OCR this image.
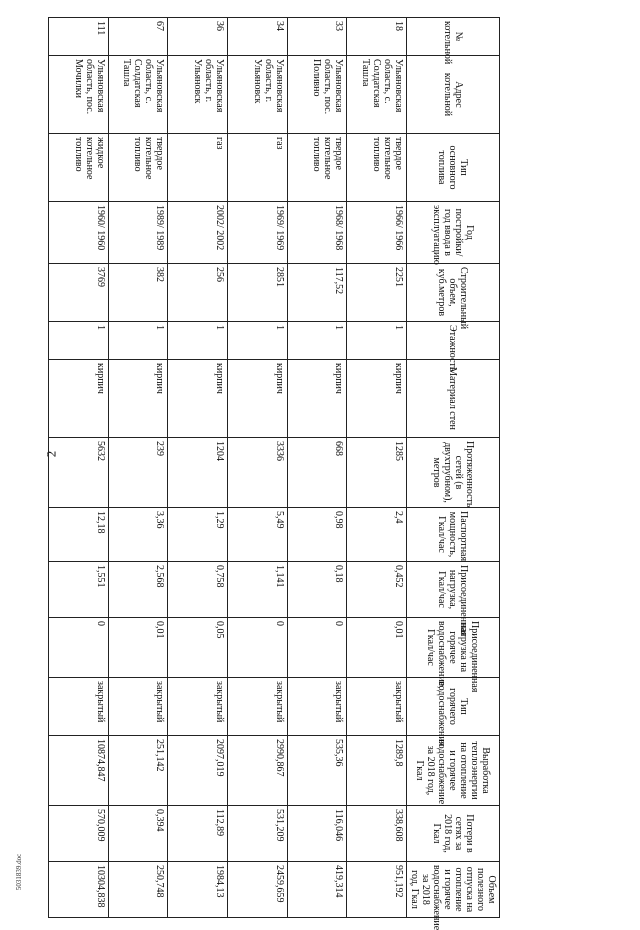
2
5031839.doc
№ котельной	Адрес котельной	Тип основного топлива	Год постройки/год ввода в эксплуатацию	Строительный объем, куб.метров	Этажность	Материал стен	Протяженность сетей (в двухтрубном), метров	Паспортная мощность, Гкал/час	Присоединенная нагрузка, Гкал/час	Присоединенная нагрузка на горячее водоснабжение, Гкал/час	Тип горячего водоснабжения	Выработка теплоэнергии на отопление и горячее водоснабжение за 2018 год, Гкал	Потери в сетях за 2018 год, Гкал	Объем полезного отпуска на отопление и горячее водоснабжение за 2018 год, Гкал
18	Ульяновская область, с. Солдатская Ташла	твердое котельное топливо	1966/ 1966	2251	1	кирпич	1285	2,4	0,452	0,01	закрытый	1289,8	338,608	951,192
33	Ульяновская область, пос. Поливно	твердое котельное топливо	1968/ 1968	117,52	1	кирпич	668	0,98	0,18	0	закрытый	535,36	116,046	419,314
34	Ульяновская область, г. Ульяновск	газ	1969/ 1969	2851	1	кирпич	3336	5,49	1,141	0	закрытый	2990,867	531,209	2459,659
36	Ульяновская область, г. Ульяновск	газ	2002/ 2002	256	1	кирпич	1204	1,29	0,758	0,05	закрытый	2097,019	112,89	1984,13
67	Ульяновская область, с. Солдатская Ташла	твердое котельное топливо	1989/ 1989	382	1	кирпич	239	3,36	2,568	0,01	закрытый	251,142	0,394	250,748
111	Ульяновская область, пос. Мочилки	жидкое котельное топливо	1960/ 1960	3769	1	кирпич	5632	12,18	1,551	0	закрытый	10874,847	570,009	10304,838
